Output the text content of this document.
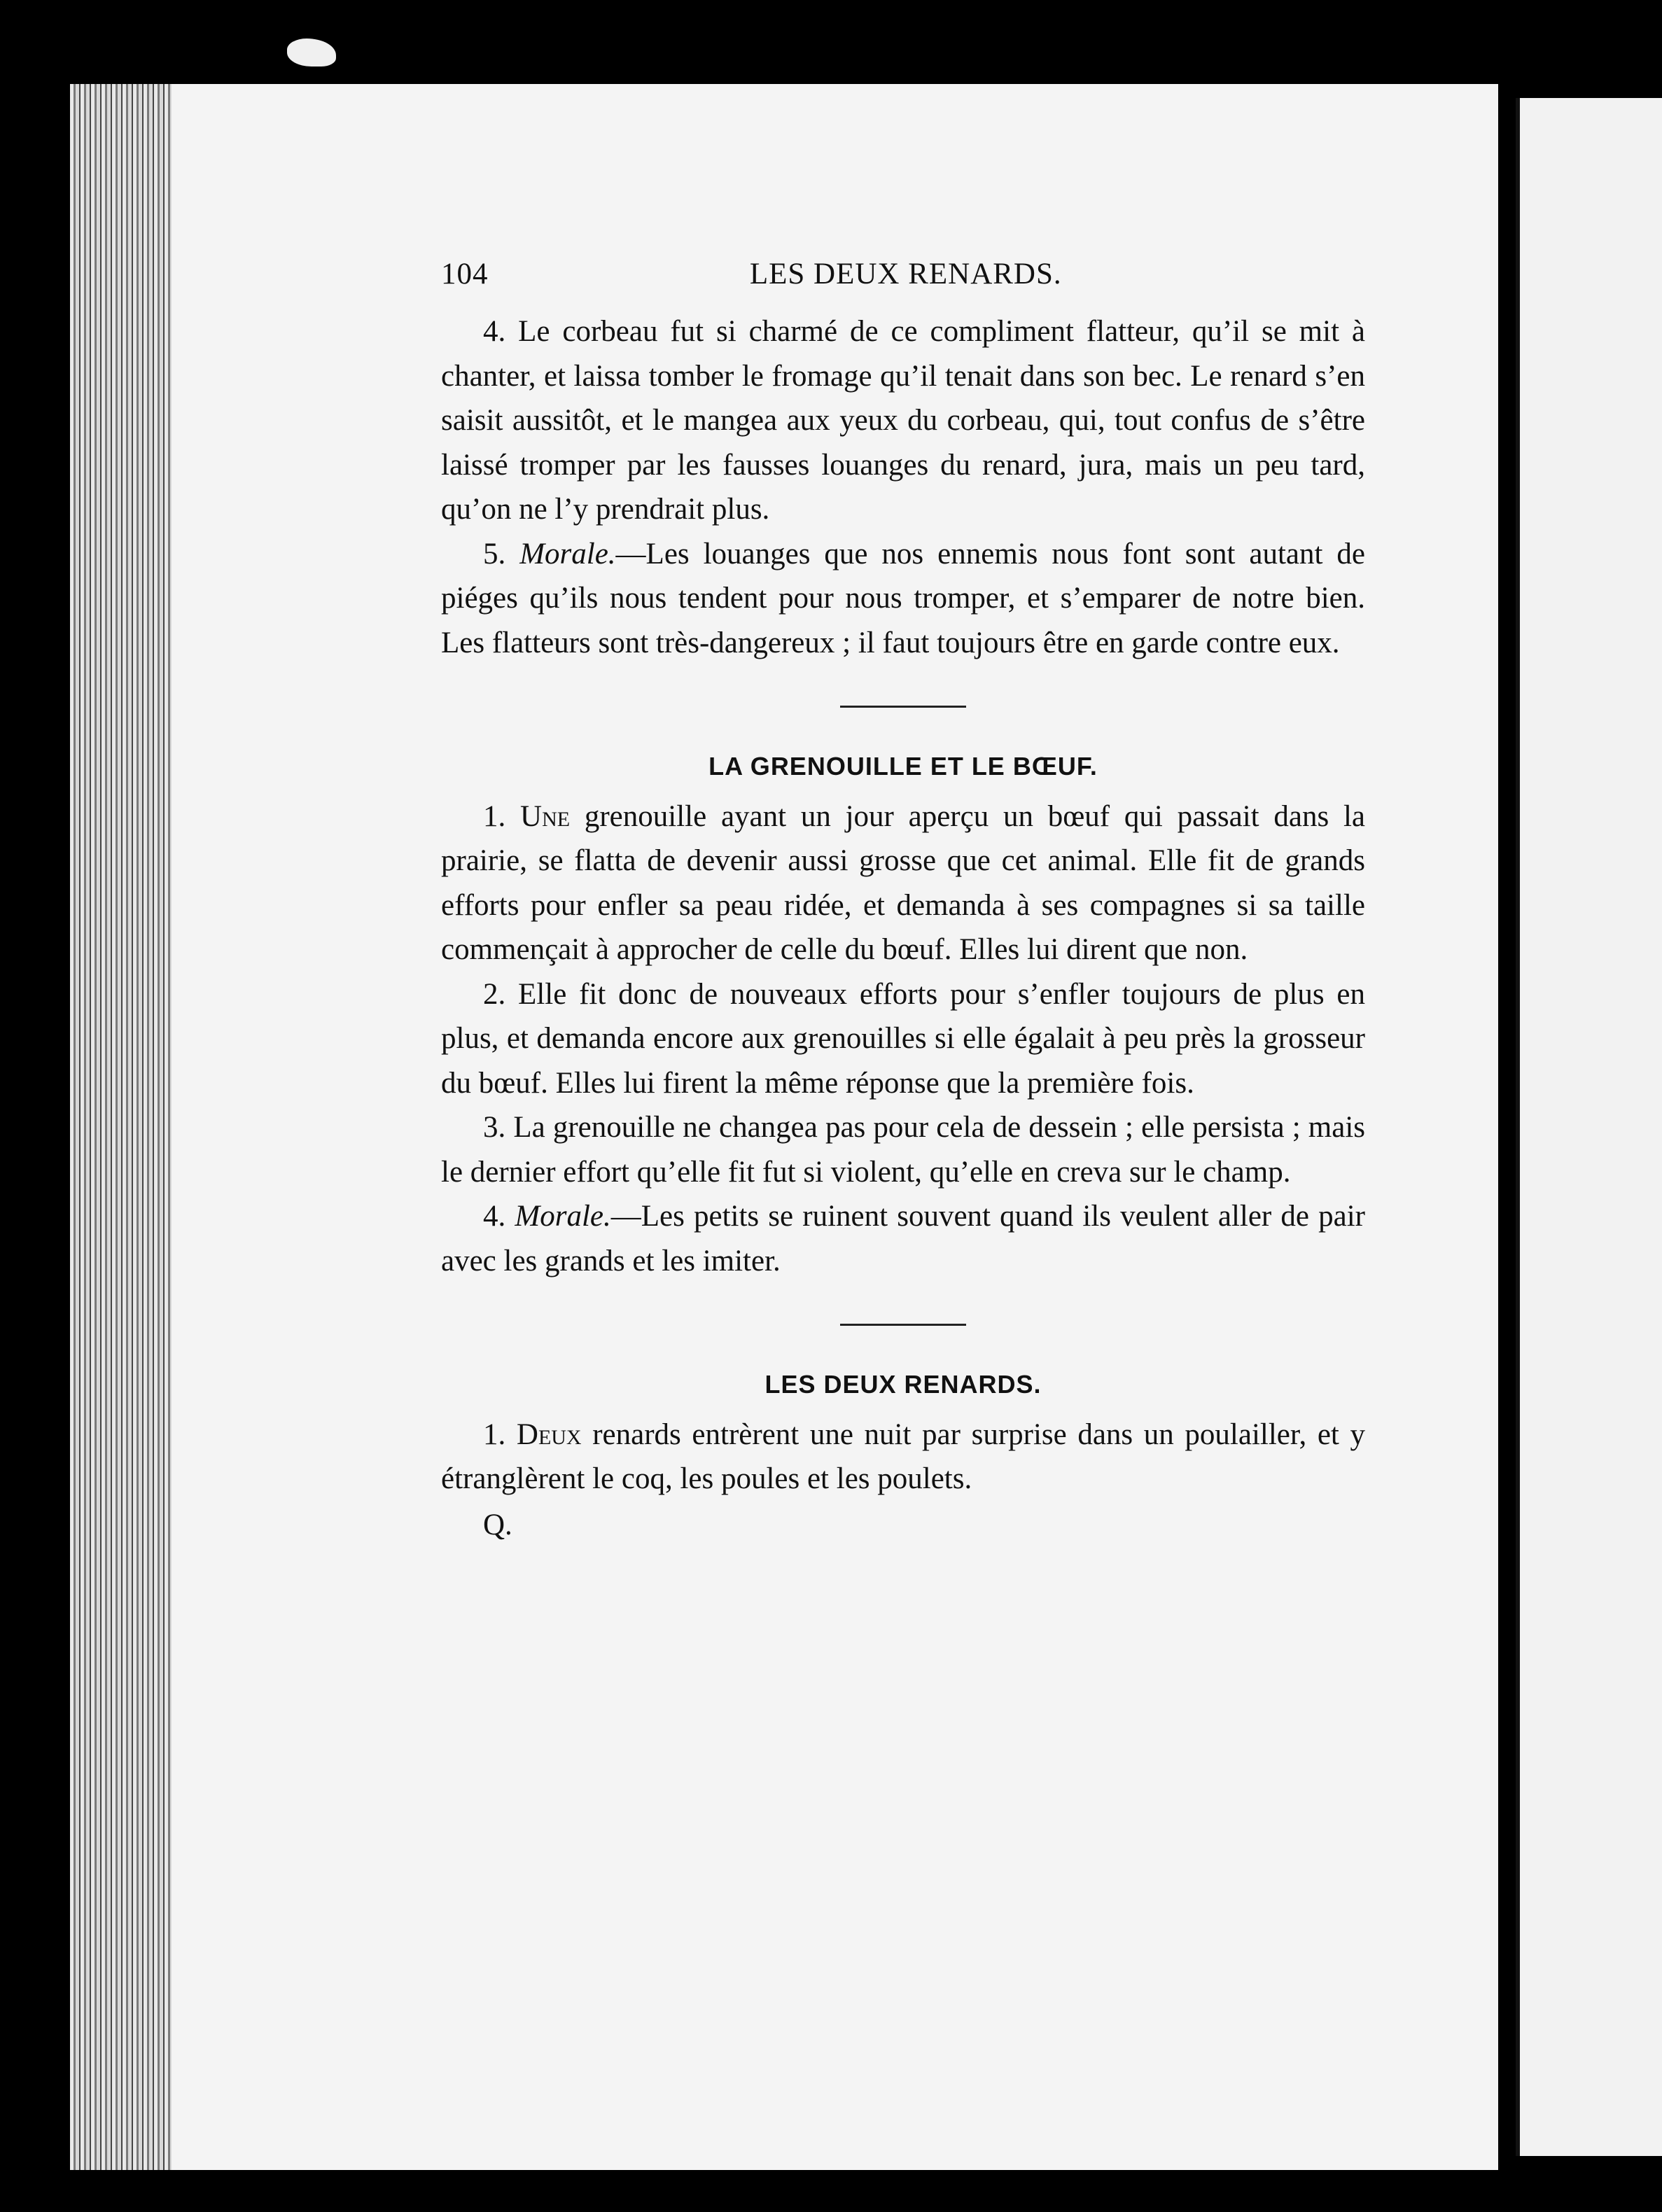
104	LES DEUX RENARDS.

4. Le corbeau fut si charmé de ce compliment flatteur, qu’il se mit à chanter, et laissa tomber le fromage qu’il tenait dans son bec. Le renard s’en saisit aussitôt, et le mangea aux yeux du corbeau, qui, tout confus de s’être laissé tromper par les fausses louanges du renard, jura, mais un peu tard, qu’on ne l’y prendrait plus.

5. Morale.—Les louanges que nos ennemis nous font sont autant de piéges qu’ils nous tendent pour nous tromper, et s’emparer de notre bien. Les flatteurs sont très-dangereux ; il faut toujours être en garde contre eux.

LA GRENOUILLE ET LE BŒUF.

1. Une grenouille ayant un jour aperçu un bœuf qui passait dans la prairie, se flatta de devenir aussi grosse que cet animal. Elle fit de grands efforts pour enfler sa peau ridée, et demanda à ses compagnes si sa taille commençait à approcher de celle du bœuf. Elles lui dirent que non.

2. Elle fit donc de nouveaux efforts pour s’enfler toujours de plus en plus, et demanda encore aux grenouilles si elle égalait à peu près la grosseur du bœuf. Elles lui firent la même réponse que la première fois.

3. La grenouille ne changea pas pour cela de dessein ; elle persista ; mais le dernier effort qu’elle fit fut si violent, qu’elle en creva sur le champ.

4. Morale.—Les petits se ruinent souvent quand ils veulent aller de pair avec les grands et les imiter.

LES DEUX RENARDS.

1. Deux renards entrèrent une nuit par surprise dans un poulailler, et y étranglèrent le coq, les poules et les poulets.

Q.
